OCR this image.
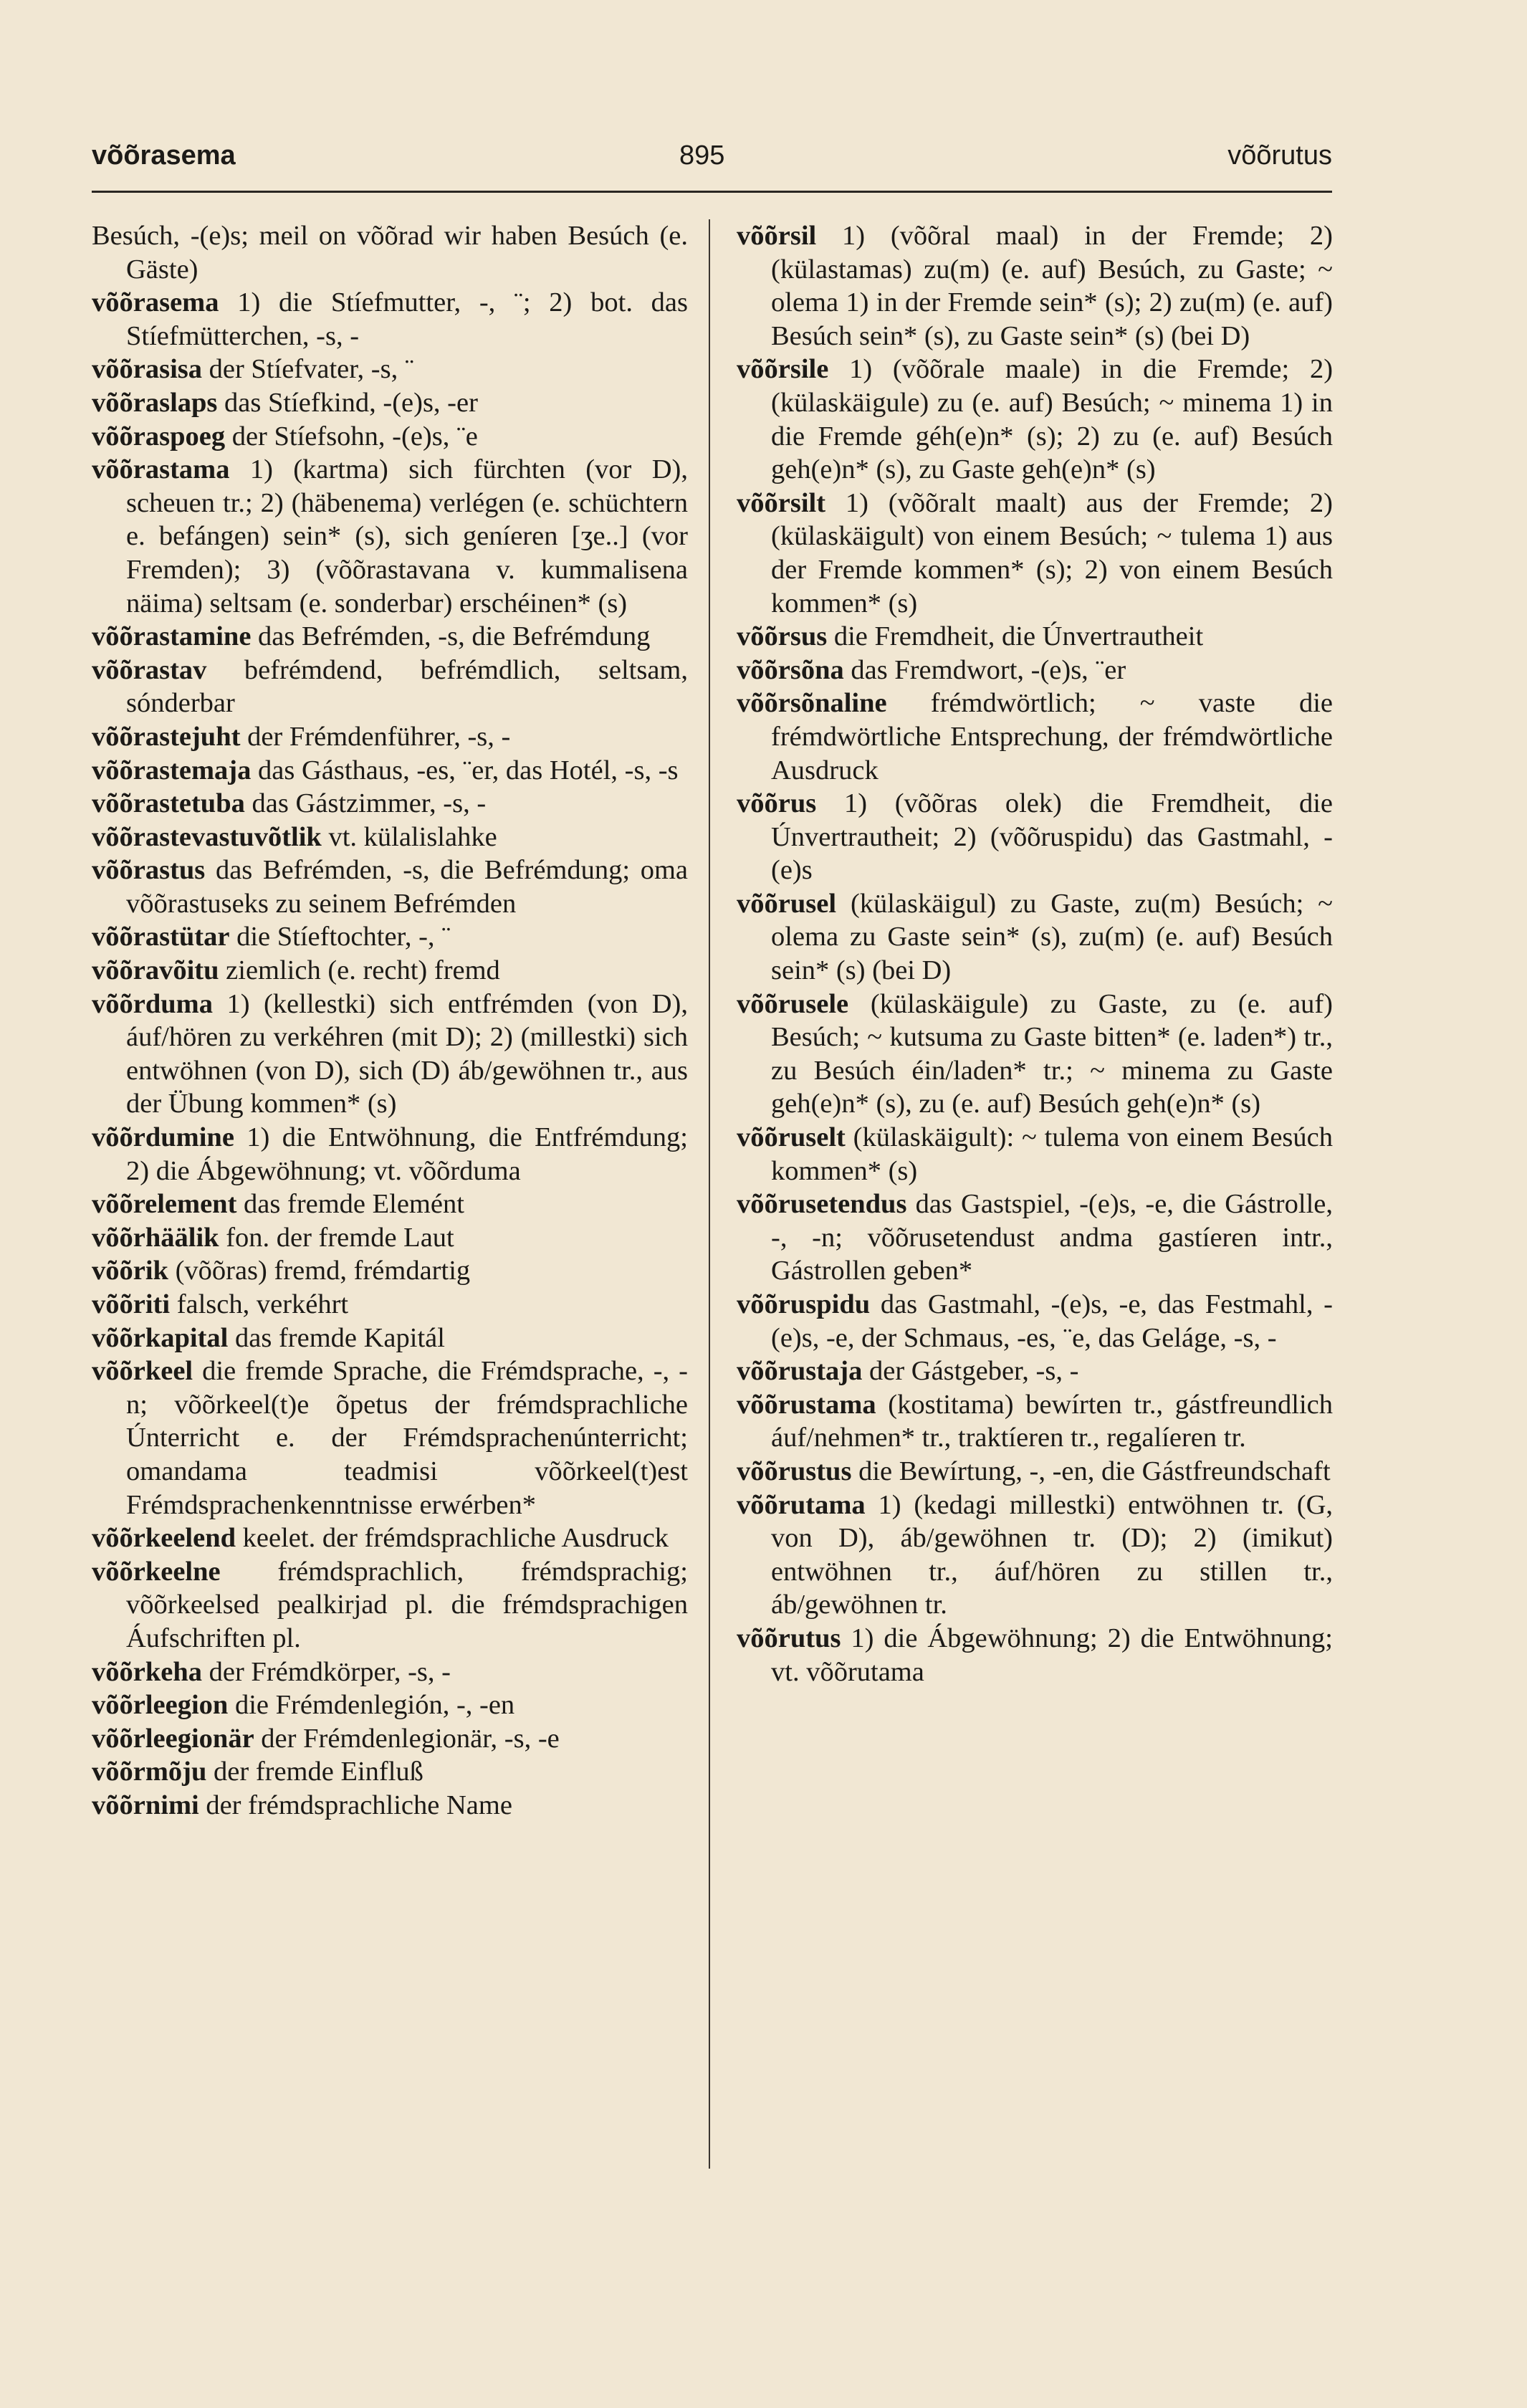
võõrasema	895	võõrutus

Besúch, -(e)s; meil on võõrad wir haben Besúch (e. Gäste)

võõrasema 1) die Stíefmutter, -, ¨; 2) bot. das Stíefmütterchen, -s, -

võõrasisa der Stíefvater, -s, ¨

võõraslaps das Stíefkind, -(e)s, -er

võõraspoeg der Stíefsohn, -(e)s, ¨e

võõrastama 1) (kartma) sich fürchten (vor D), scheuen tr.; 2) (häbenema) verlégen (e. schüchtern e. befángen) sein* (s), sich geníeren [ʒe..] (vor Fremden); 3) (võõrastavana v. kummalisena näima) seltsam (e. sonderbar) erschéinen* (s)

võõrastamine das Befrémden, -s, die Befrémdung

võõrastav befrémdend, befrémdlich, seltsam, sónderbar

võõrastejuht der Frémdenführer, -s, -

võõrastemaja das Gásthaus, -es, ¨er, das Hotél, -s, -s

võõrastetuba das Gástzimmer, -s, -

võõrastevastuvõtlik vt. külalislahke

võõrastus das Befrémden, -s, die Befrémdung; oma võõrastuseks zu seinem Befrémden

võõrastütar die Stíeftochter, -, ¨

võõravõitu ziemlich (e. recht) fremd

võõrduma 1) (kellestki) sich entfrémden (von D), áuf/hören zu verkéhren (mit D); 2) (millestki) sich entwöhnen (von D), sich (D) áb/gewöhnen tr., aus der Übung kommen* (s)

võõrdumine 1) die Entwöhnung, die Entfrémdung; 2) die Ábgewöhnung; vt. võõrduma

võõrelement das fremde Elemént

võõrhäälik fon. der fremde Laut

võõrik (võõras) fremd, frémdartig

võõriti falsch, verkéhrt

võõrkapital das fremde Kapitál

võõrkeel die fremde Sprache, die Frémdsprache, -, -n; võõrkeel(t)e õpetus der frémdsprachliche Únterricht e. der Frémdsprachenúnterricht; omandama teadmisi võõrkeel(t)est Frémdsprachenkenntnisse erwérben*

võõrkeelend keelet. der frémdsprachliche Ausdruck

võõrkeelne frémdsprachlich, frémdsprachig; võõrkeelsed pealkirjad pl. die frémdsprachigen Áufschriften pl.

võõrkeha der Frémdkörper, -s, -

võõrleegion die Frémdenlegión, -, -en

võõrleegionär der Frémdenlegionär, -s, -e

võõrmõju der fremde Einfluß

võõrnimi der frémdsprachliche Name

võõrsil 1) (võõral maal) in der Fremde; 2) (külastamas) zu(m) (e. auf) Besúch, zu Gaste; ~ olema 1) in der Fremde sein* (s); 2) zu(m) (e. auf) Besúch sein* (s), zu Gaste sein* (s) (bei D)

võõrsile 1) (võõrale maale) in die Fremde; 2) (külaskäigule) zu (e. auf) Besúch; ~ minema 1) in die Fremde géh(e)n* (s); 2) zu (e. auf) Besúch geh(e)n* (s), zu Gaste geh(e)n* (s)

võõrsilt 1) (võõralt maalt) aus der Fremde; 2) (külaskäigult) von einem Besúch; ~ tulema 1) aus der Fremde kommen* (s); 2) von einem Besúch kommen* (s)

võõrsus die Fremdheit, die Únvertrautheit

võõrsõna das Fremdwort, -(e)s, ¨er

võõrsõnaline frémdwörtlich; ~ vaste die frémdwörtliche Entsprechung, der frémdwörtliche Ausdruck

võõrus 1) (võõras olek) die Fremdheit, die Únvertrautheit; 2) (võõruspidu) das Gastmahl, -(e)s

võõrusel (külaskäigul) zu Gaste, zu(m) Besúch; ~ olema zu Gaste sein* (s), zu(m) (e. auf) Besúch sein* (s) (bei D)

võõrusele (külaskäigule) zu Gaste, zu (e. auf) Besúch; ~ kutsuma zu Gaste bitten* (e. laden*) tr., zu Besúch éin/laden* tr.; ~ minema zu Gaste geh(e)n* (s), zu (e. auf) Besúch geh(e)n* (s)

võõruselt (külaskäigult): ~ tulema von einem Besúch kommen* (s)

võõrusetendus das Gastspiel, -(e)s, -e, die Gástrolle, -, -n; võõrusetendust andma gastíeren intr., Gástrollen geben*

võõruspidu das Gastmahl, -(e)s, -e, das Festmahl, -(e)s, -e, der Schmaus, -es, ¨e, das Geláge, -s, -

võõrustaja der Gástgeber, -s, -

võõrustama (kostitama) bewírten tr., gástfreundlich áuf/nehmen* tr., traktíeren tr., regalíeren tr.

võõrustus die Bewírtung, -, -en, die Gástfreundschaft

võõrutama 1) (kedagi millestki) entwöhnen tr. (G, von D), áb/gewöhnen tr. (D); 2) (imikut) entwöhnen tr., áuf/hören zu stillen tr., áb/gewöhnen tr.

võõrutus 1) die Ábgewöhnung; 2) die Entwöhnung; vt. võõrutama
